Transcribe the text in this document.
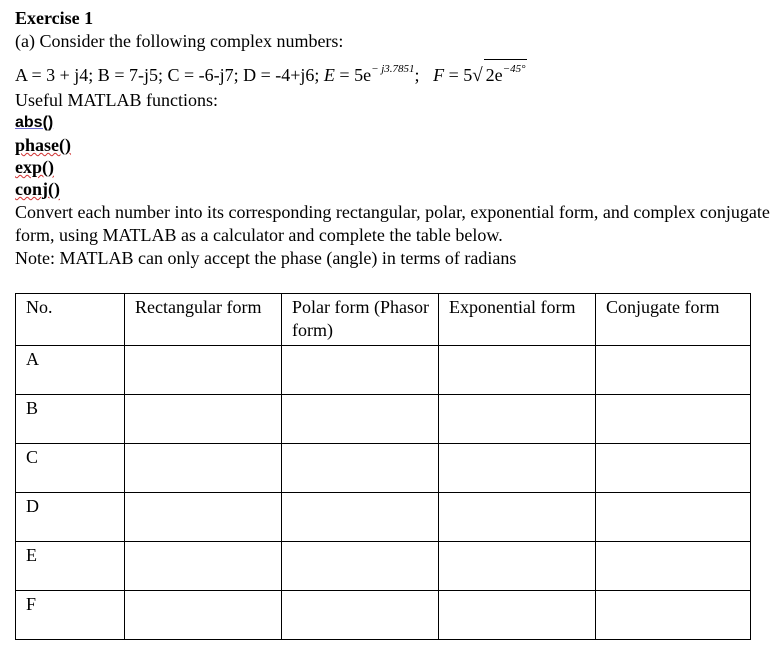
Exercise 1
(a) Consider the following complex numbers:
A = 3 + j4; B = 7-j5; C = -6-j7; D = -4+j6; $E = 5e^{- j3.7851}$; F = 5√ $2e^{-45^\circ}$
Useful MATLAB functions:
abs()
phase()
exp()
conj()
Convert each number into its corresponding rectangular, polar, exponential form, and complex conjugate form, using MATLAB as a calculator and complete the table below.
Note: MATLAB can only accept the phase (angle) in terms of radians
No.	Rectangular form	Polar form (Phasor form)	Exponential form	Conjugate form
A				
B				
C				
D				
E				
F				
